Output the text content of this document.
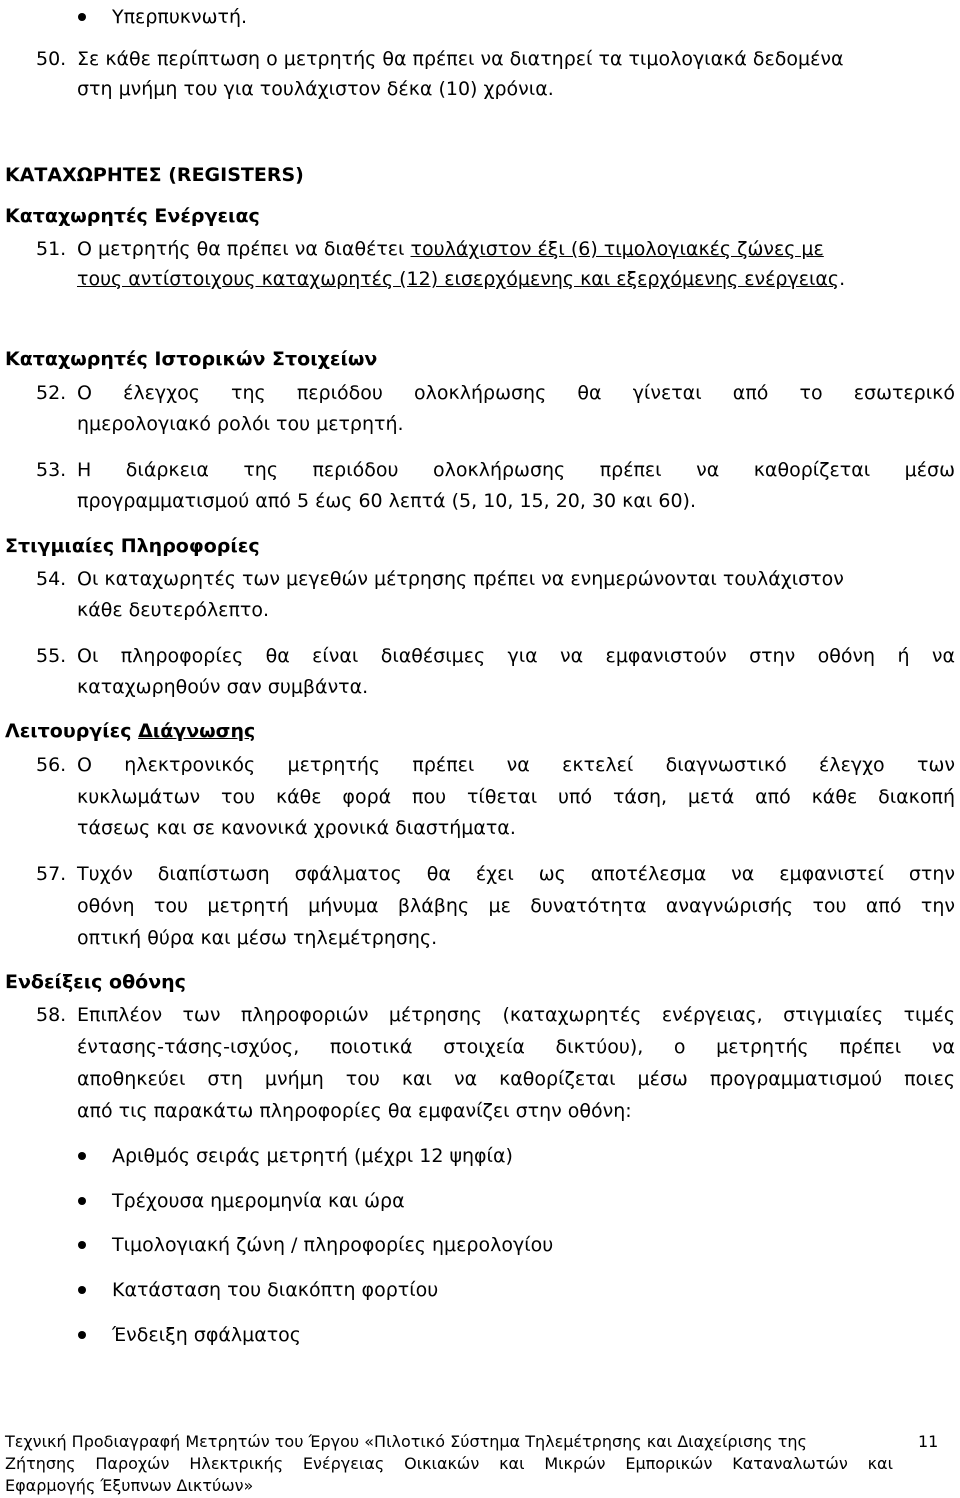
Υπερπυκνωτή.
50. Σε κάθε περίπτωση ο μετρητής θα πρέπει να διατηρεί τα τιμολογιακά δεδομένα
στη μνήμη του για τουλάχιστον δέκα (10) χρόνια.
ΚΑΤΑΧΩΡΗΤΕΣ (REGISTERS)
Καταχωρητές Ενέργειας
51. Ο μετρητής θα πρέπει να διαθέτει τουλάχιστον έξι (6) τιμολογιακές ζώνες με
τους αντίστοιχους καταχωρητές (12) εισερχόμενης και εξερχόμενης ενέργειας.
Καταχωρητές Ιστορικών Στοιχείων
52. Ο έλεγχος της περιόδου ολοκλήρωσης θα γίνεται από το εσωτερικό
ημερολογιακό ρολόι του μετρητή.
53. Η διάρκεια της περιόδου ολοκλήρωσης πρέπει να καθορίζεται μέσω
προγραμματισμού από 5 έως 60 λεπτά (5, 10, 15, 20, 30 και 60).
Στιγμιαίες Πληροφορίες
54. Οι καταχωρητές των μεγεθών μέτρησης πρέπει να ενημερώνονται τουλάχιστον
κάθε δευτερόλεπτο.
55. Οι πληροφορίες θα είναι διαθέσιμες για να εμφανιστούν στην οθόνη ή να
καταχωρηθούν σαν συμβάντα.
Λειτουργίες Διάγνωσης
56. Ο ηλεκτρονικός μετρητής πρέπει να εκτελεί διαγνωστικό έλεγχο των
κυκλωμάτων του κάθε φορά που τίθεται υπό τάση, μετά από κάθε διακοπή
τάσεως και σε κανονικά χρονικά διαστήματα.
57. Τυχόν διαπίστωση σφάλματος θα έχει ως αποτέλεσμα να εμφανιστεί στην
οθόνη του μετρητή μήνυμα βλάβης με δυνατότητα αναγνώρισής του από την
οπτική θύρα και μέσω τηλεμέτρησης.
Ενδείξεις οθόνης
58. Επιπλέον των πληροφοριών μέτρησης (καταχωρητές ενέργειας, στιγμιαίες τιμές
έντασης-τάσης-ισχύος, ποιοτικά στοιχεία δικτύου), ο μετρητής πρέπει να
αποθηκεύει στη μνήμη του και να καθορίζεται μέσω προγραμματισμού ποιες
από τις παρακάτω πληροφορίες θα εμφανίζει στην οθόνη:
Αριθμός σειράς μετρητή (μέχρι 12 ψηφία)
Τρέχουσα ημερομηνία και ώρα
Τιμολογιακή ζώνη / πληροφορίες ημερολογίου
Κατάσταση του διακόπτη φορτίου
Ένδειξη σφάλματος
Τεχνική Προδιαγραφή Μετρητών του Έργου «Πιλοτικό Σύστημα Τηλεμέτρησης και Διαχείρισης της	11
Ζήτησης Παροχών Ηλεκτρικής Ενέργειας Οικιακών και Μικρών Εμπορικών Καταναλωτών και
Εφαρμογής Έξυπνων Δικτύων»
